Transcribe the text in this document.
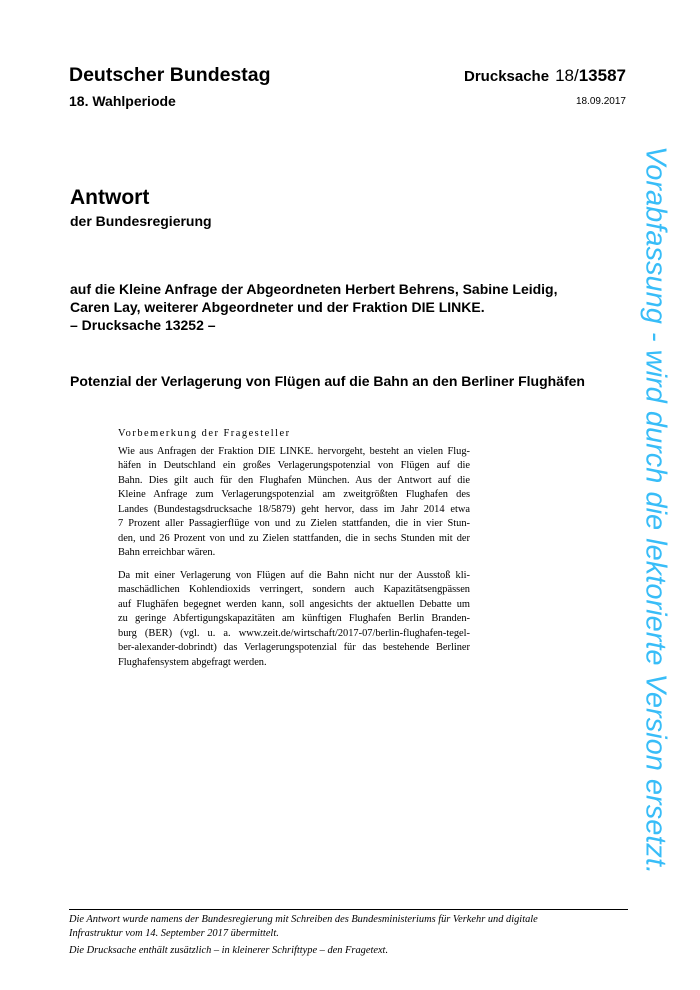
Deutscher Bundestag	Drucksache 18/13587
18. Wahlperiode	18.09.2017
Antwort
der Bundesregierung
auf die Kleine Anfrage der Abgeordneten Herbert Behrens, Sabine Leidig,
Caren Lay, weiterer Abgeordneter und der Fraktion DIE LINKE.
– Drucksache 13252 –
Potenzial der Verlagerung von Flügen auf die Bahn an den Berliner Flughäfen
Vorbemerkung der Fragesteller
Wie aus Anfragen der Fraktion DIE LINKE. hervorgeht, besteht an vielen Flug-
häfen in Deutschland ein großes Verlagerungspotenzial von Flügen auf die
Bahn. Dies gilt auch für den Flughafen München. Aus der Antwort auf die
Kleine Anfrage zum Verlagerungspotenzial am zweitgrößten Flughafen des
Landes (Bundestagsdrucksache 18/5879) geht hervor, dass im Jahr 2014 etwa
7 Prozent aller Passagierflüge von und zu Zielen stattfanden, die in vier Stun-
den, und 26 Prozent von und zu Zielen stattfanden, die in sechs Stunden mit der
Bahn erreichbar wären.
Da mit einer Verlagerung von Flügen auf die Bahn nicht nur der Ausstoß kli-
maschädlichen Kohlendioxids verringert, sondern auch Kapazitätsengpässen
auf Flughäfen begegnet werden kann, soll angesichts der aktuellen Debatte um
zu geringe Abfertigungskapazitäten am künftigen Flughafen Berlin Branden-
burg (BER) (vgl. u. a. www.zeit.de/wirtschaft/2017-07/berlin-flughafen-tegel-
ber-alexander-dobrindt) das Verlagerungspotenzial für das bestehende Berliner
Flughafensystem abgefragt werden.
Die Antwort wurde namens der Bundesregierung mit Schreiben des Bundesministeriums für Verkehr und digitale
Infrastruktur vom 14. September 2017 übermittelt.
Die Drucksache enthält zusätzlich – in kleinerer Schrifttype – den Fragetext.
Vorabfassung - wird durch die lektorierte Version ersetzt.
